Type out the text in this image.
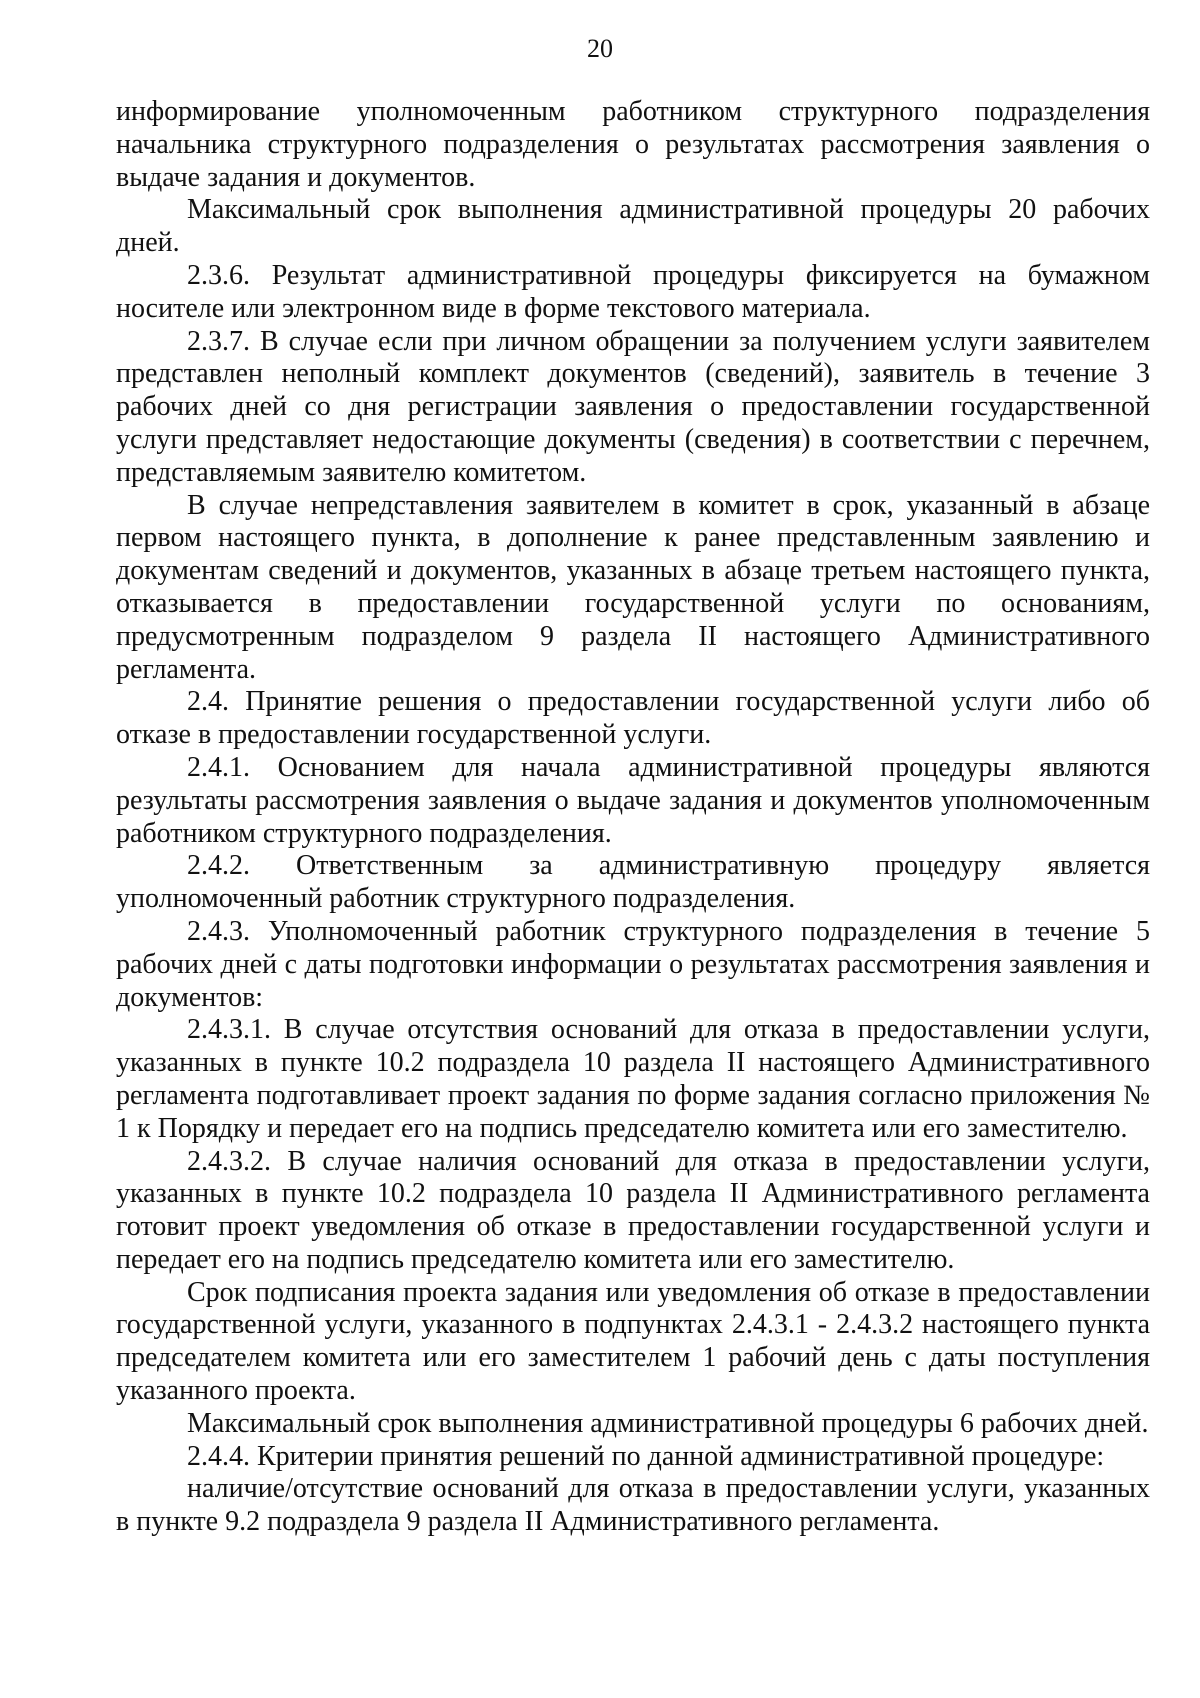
20

информирование уполномоченным работником структурного подразделения начальника структурного подразделения о результатах рассмотрения заявления о выдаче задания и документов.

Максимальный срок выполнения административной процедуры 20 рабочих дней.

2.3.6. Результат административной процедуры фиксируется на бумажном носителе или электронном виде в форме текстового материала.

2.3.7. В случае если при личном обращении за получением услуги заявителем представлен неполный комплект документов (сведений), заявитель в течение 3 рабочих дней со дня регистрации заявления о предоставлении государственной услуги представляет недостающие документы (сведения) в соответствии с перечнем, представляемым заявителю комитетом.

В случае непредставления заявителем в комитет в срок, указанный в абзаце первом настоящего пункта, в дополнение к ранее представленным заявлению и документам сведений и документов, указанных в абзаце третьем настоящего пункта, отказывается в предоставлении государственной услуги по основаниям, предусмотренным подразделом 9 раздела II настоящего Административного регламента.

2.4. Принятие решения о предоставлении государственной услуги либо об отказе в предоставлении государственной услуги.

2.4.1. Основанием для начала административной процедуры являются результаты рассмотрения заявления о выдаче задания и документов уполномоченным работником структурного подразделения.

2.4.2. Ответственным за административную процедуру является уполномоченный работник структурного подразделения.

2.4.3. Уполномоченный работник структурного подразделения в течение 5 рабочих дней с даты подготовки информации о результатах рассмотрения заявления и документов:

2.4.3.1. В случае отсутствия оснований для отказа в предоставлении услуги, указанных в пункте 10.2 подраздела 10 раздела II настоящего Административного регламента подготавливает проект задания по форме задания согласно приложения № 1 к Порядку и передает его на подпись председателю комитета или его заместителю.

2.4.3.2. В случае наличия оснований для отказа в предоставлении услуги, указанных в пункте 10.2 подраздела 10 раздела II Административного регламента готовит проект уведомления об отказе в предоставлении государственной услуги и передает его на подпись председателю комитета или его заместителю.

Срок подписания проекта задания или уведомления об отказе в предоставлении государственной услуги, указанного в подпунктах 2.4.3.1 - 2.4.3.2 настоящего пункта председателем комитета или его заместителем 1 рабочий день с даты поступления указанного проекта.

Максимальный срок выполнения административной процедуры 6 рабочих дней.

2.4.4. Критерии принятия решений по данной административной процедуре:

наличие/отсутствие оснований для отказа в предоставлении услуги, указанных в пункте 9.2 подраздела 9 раздела II Административного регламента.
